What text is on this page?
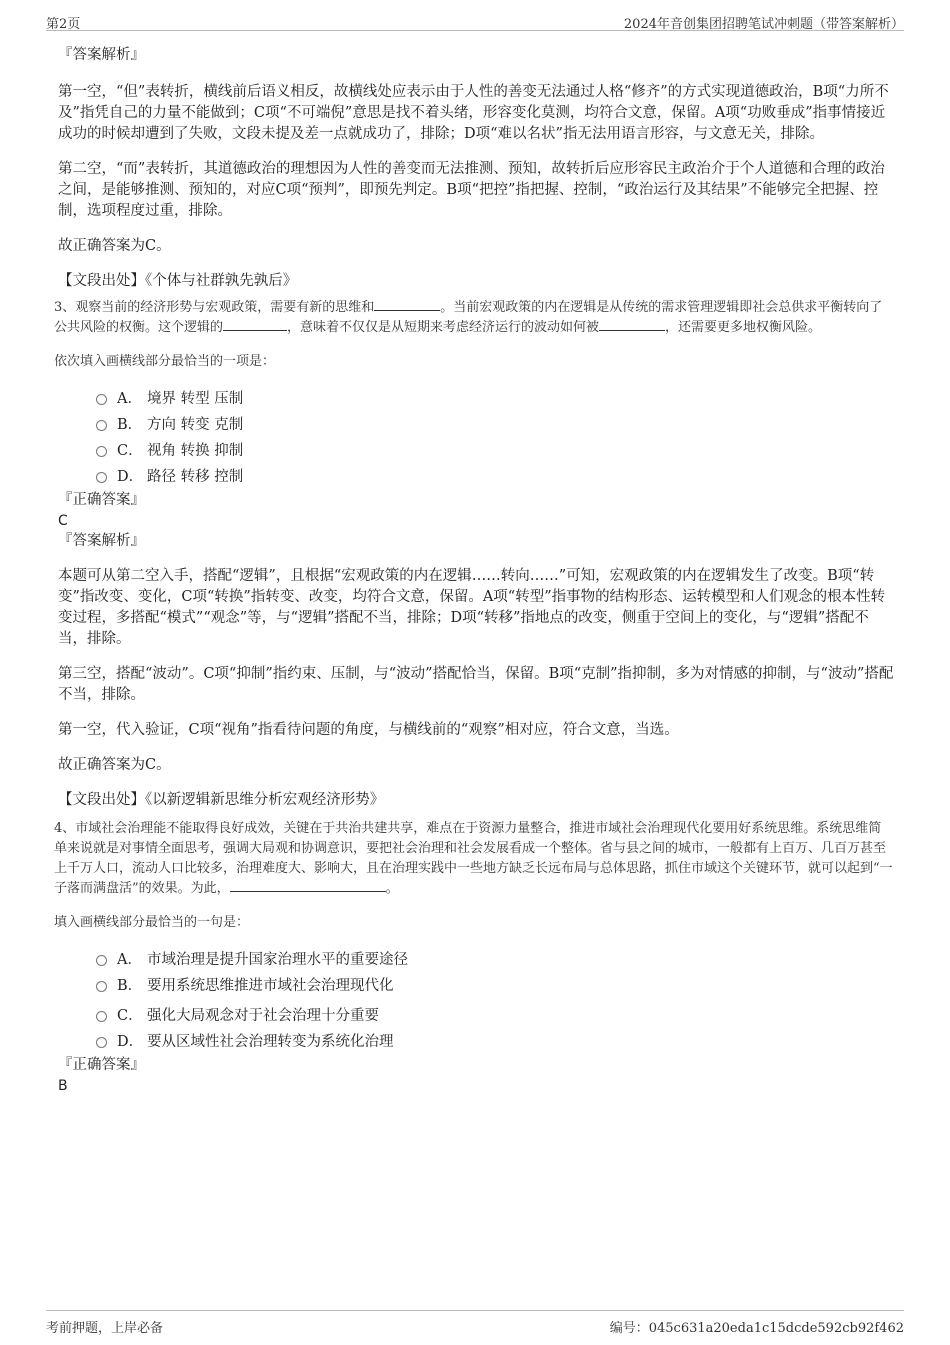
第2页	2024年音创集团招聘笔试冲刺题（带答案解析）
『答案解析』

第一空，“但”表转折，横线前后语义相反，故横线处应表示由于人性的善变无法通过人格“修齐”的方式实现道德政治，B项“力所不及”指凭自己的力量不能做到；C项“不可端倪”意思是找不着头绪，形容变化莫测，均符合文意，保留。A项“功败垂成”指事情接近成功的时候却遭到了失败，文段未提及差一点就成功了，排除；D项“难以名状”指无法用语言形容，与文意无关，排除。

第二空，“而”表转折，其道德政治的理想因为人性的善变而无法推测、预知，故转折后应形容民主政治介于个人道德和合理的政治之间，是能够推测、预知的，对应C项“预判”，即预先判定。B项“把控”指把握、控制，“政治运行及其结果”不能够完全把握、控制，选项程度过重，排除。

故正确答案为C。

【文段出处】《个体与社群孰先孰后》

3、观察当前的经济形势与宏观政策，需要有新的思维和	。当前宏观政策的内在逻辑是从传统的需求管理逻辑即社会总供求平衡转向了公共风险的权衡。这个逻辑的	，意味着不仅仅是从短期来考虑经济运行的波动如何被	，还需要更多地权衡风险。

依次填入画横线部分最恰当的一项是：

A． 境界 转型 压制
B． 方向 转变 克制
C． 视角 转换 抑制
D． 路径 转移 控制
『正确答案』
C
『答案解析』

本题可从第二空入手，搭配“逻辑”，且根据“宏观政策的内在逻辑……转向……”可知，宏观政策的内在逻辑发生了改变。B项“转变”指改变、变化，C项“转换”指转变、改变，均符合文意，保留。A项“转型”指事物的结构形态、运转模型和人们观念的根本性转变过程，多搭配“模式”“观念”等，与“逻辑”搭配不当，排除；D项“转移”指地点的改变，侧重于空间上的变化，与“逻辑”搭配不当，排除。

第三空，搭配“波动”。C项“抑制”指约束、压制，与“波动”搭配恰当，保留。B项“克制”指抑制，多为对情感的抑制，与“波动”搭配不当，排除。

第一空，代入验证，C项“视角”指看待问题的角度，与横线前的“观察”相对应，符合文意，当选。

故正确答案为C。

【文段出处】《以新逻辑新思维分析宏观经济形势》

4、市域社会治理能不能取得良好成效，关键在于共治共建共享，难点在于资源力量整合，推进市域社会治理现代化要用好系统思维。系统思维简单来说就是对事情全面思考，强调大局观和协调意识，要把社会治理和社会发展看成一个整体。省与县之间的城市，一般都有上百万、几百万甚至上千万人口，流动人口比较多，治理难度大、影响大，且在治理实践中一些地方缺乏长远布局与总体思路，抓住市域这个关键环节，就可以起到“一子落而满盘活”的效果。为此，	。

填入画横线部分最恰当的一句是：

A． 市域治理是提升国家治理水平的重要途径
B． 要用系统思维推进市域社会治理现代化
C． 强化大局观念对于社会治理十分重要
D． 要从区域性社会治理转变为系统化治理
『正确答案』
B
考前押题，上岸必备	编号：045c631a20eda1c15dcde592cb92f462
